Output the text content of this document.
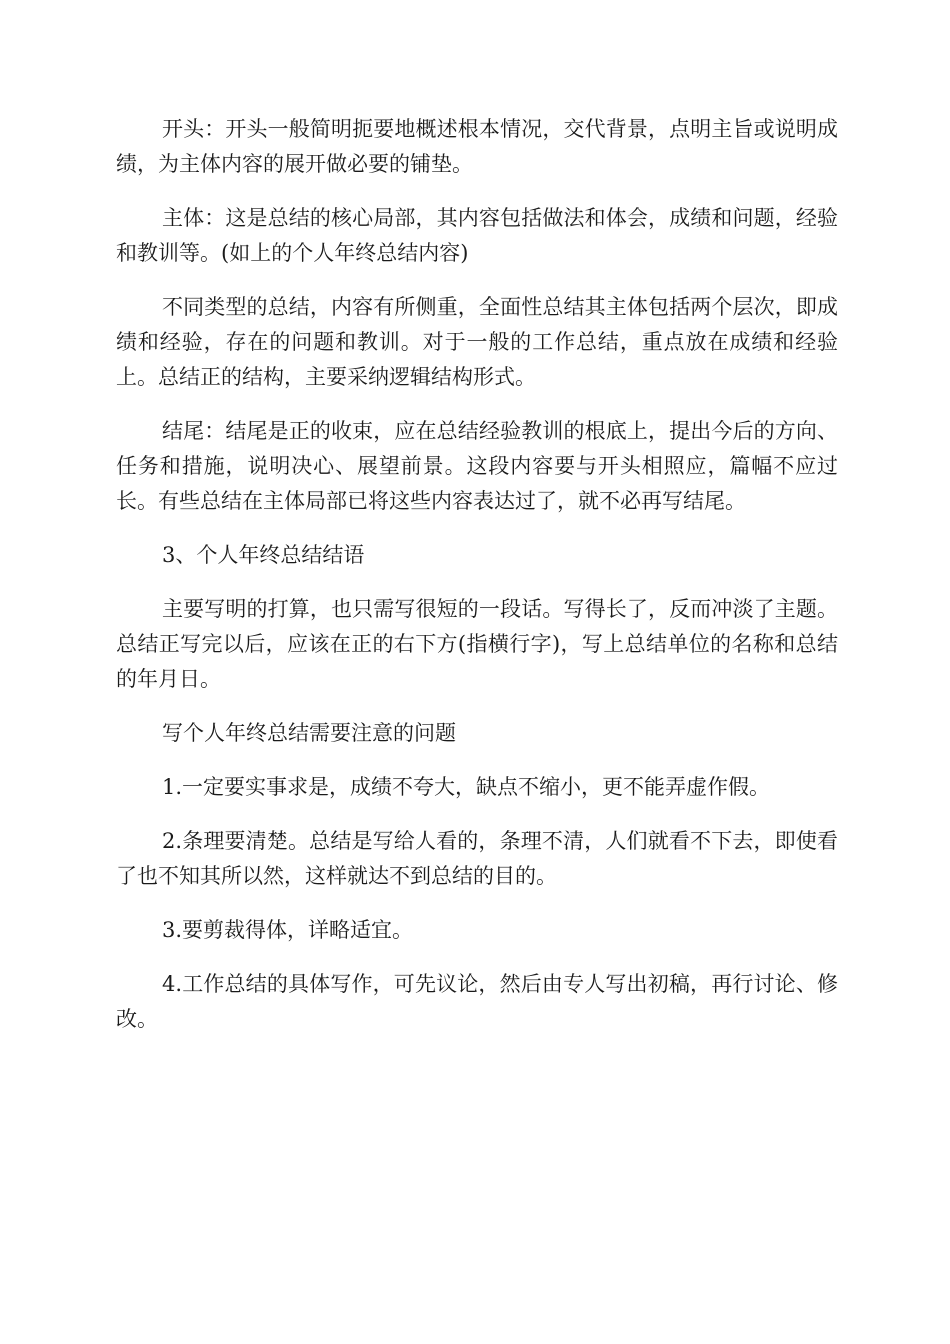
开头：开头一般简明扼要地概述根本情况，交代背景，点明主旨或说明成绩，为主体内容的展开做必要的铺垫。

主体：这是总结的核心局部，其内容包括做法和体会，成绩和问题，经验和教训等。(如上的个人年终总结内容)

不同类型的总结，内容有所侧重，全面性总结其主体包括两个层次，即成绩和经验，存在的问题和教训。对于一般的工作总结，重点放在成绩和经验上。总结正的结构，主要采纳逻辑结构形式。

结尾：结尾是正的收束，应在总结经验教训的根底上，提出今后的方向、任务和措施，说明决心、展望前景。这段内容要与开头相照应，篇幅不应过长。有些总结在主体局部已将这些内容表达过了，就不必再写结尾。

3、个人年终总结结语

主要写明的打算，也只需写很短的一段话。写得长了，反而冲淡了主题。总结正写完以后，应该在正的右下方(指横行字)，写上总结单位的名称和总结的年月日。

写个人年终总结需要注意的问题

1.一定要实事求是，成绩不夸大，缺点不缩小，更不能弄虚作假。

2.条理要清楚。总结是写给人看的，条理不清，人们就看不下去，即使看了也不知其所以然，这样就达不到总结的目的。

3.要剪裁得体，详略适宜。

4.工作总结的具体写作，可先议论，然后由专人写出初稿，再行讨论、修改。
